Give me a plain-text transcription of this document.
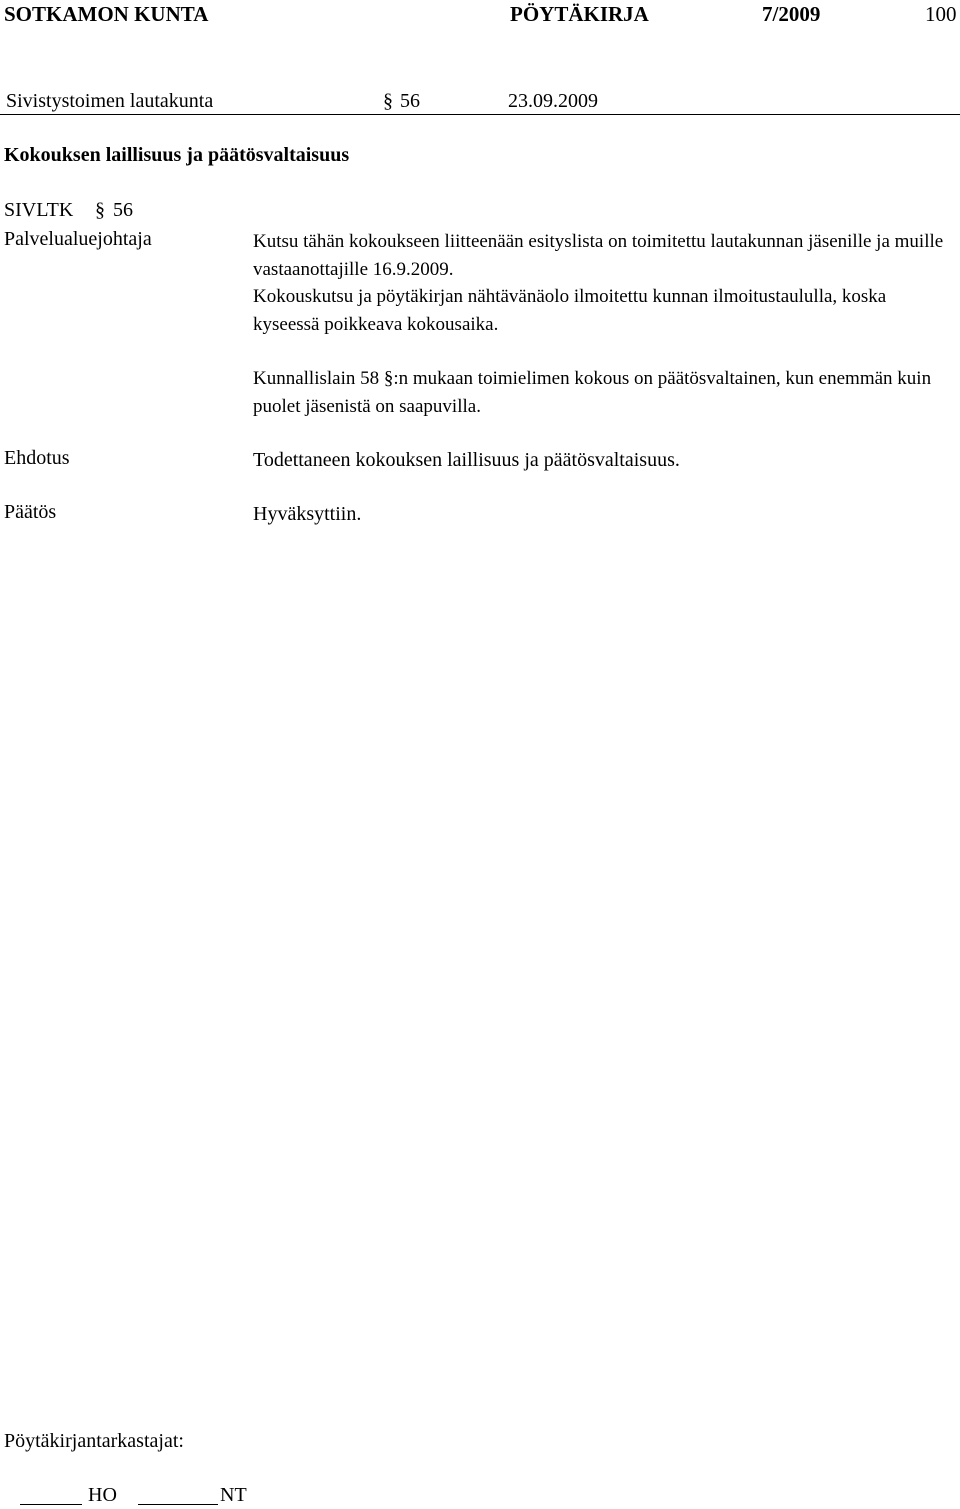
SOTKAMON KUNTA	PÖYTÄKIRJA	7/2009	100
Sivistystoimen lautakunta	§ 56	23.09.2009
Kokouksen laillisuus ja päätösvaltaisuus
SIVLTK § 56
Palvelualuejohtaja	Kutsu tähän kokoukseen liitteenään esityslista on toimitettu lautakunnan jäsenille ja muille vastaanottajille 16.9.2009.
Kokouskutsu ja pöytäkirjan nähtävänäolo ilmoitettu kunnan ilmoitustaululla, koska kyseessä poikkeava kokousaika.
Kunnallislain 58 §:n mukaan toimielimen kokous on päätösvaltainen, kun enemmän kuin puolet jäsenistä on saapuvilla.
Ehdotus	Todettaneen kokouksen laillisuus ja päätösvaltaisuus.
Päätös	Hyväksyttiin.
Pöytäkirjantarkastajat:
HO	NT
